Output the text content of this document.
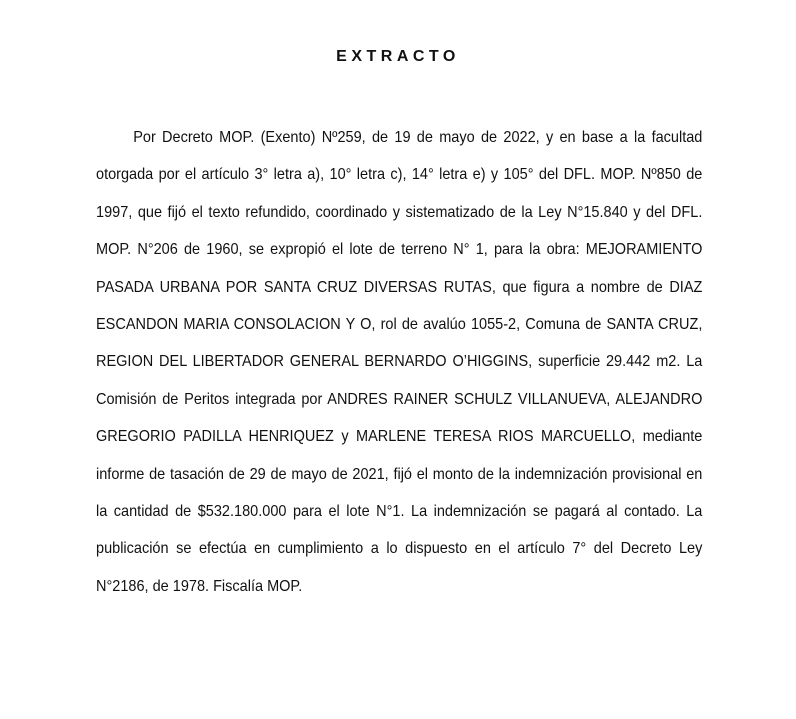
EXTRACTO

Por Decreto MOP. (Exento) Nº259, de 19 de mayo de 2022, y en base a la facultad otorgada por el artículo 3° letra a), 10° letra c), 14° letra e) y 105° del DFL. MOP. Nº850 de 1997, que fijó el texto refundido, coordinado y sistematizado de la Ley N°15.840 y del DFL. MOP. N°206 de 1960, se expropió el lote de terreno N° 1, para la obra: MEJORAMIENTO PASADA URBANA POR SANTA CRUZ DIVERSAS RUTAS, que figura a nombre de DIAZ ESCANDON MARIA CONSOLACION Y O, rol de avalúo 1055-2, Comuna de SANTA CRUZ, REGION DEL LIBERTADOR GENERAL BERNARDO O’HIGGINS, superficie 29.442 m2. La Comisión de Peritos integrada por ANDRES RAINER SCHULZ VILLANUEVA, ALEJANDRO GREGORIO PADILLA HENRIQUEZ y MARLENE TERESA RIOS MARCUELLO, mediante informe de tasación de 29 de mayo de 2021, fijó el monto de la indemnización provisional en la cantidad de $532.180.000 para el lote N°1. La indemnización se pagará al contado. La publicación se efectúa en cumplimiento a lo dispuesto en el artículo 7° del Decreto Ley N°2186, de 1978. Fiscalía MOP.
